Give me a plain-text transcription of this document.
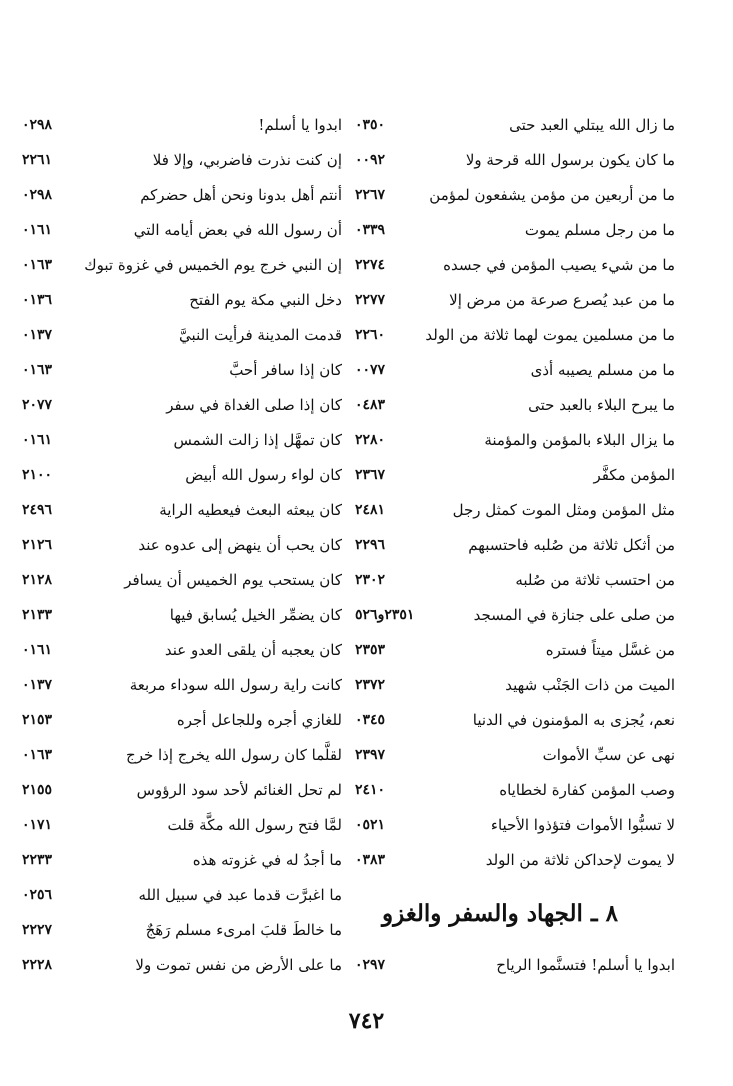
ما زال الله يبتلي العبد حتى
٠٣٥٠
ما كان يكون برسول الله قرحة ولا
٠٠٩٢
ما من أربعين من مؤمن يشفعون لمؤمن
٢٢٦٧
ما من رجل مسلم يموت
٠٣٣٩
ما من شيء يصيب المؤمن في جسده
٢٢٧٤
ما من عبد يُصرع صرعة من مرض إلا
٢٢٧٧
ما من مسلمين يموت لهما ثلاثة من الولد
٢٢٦٠
ما من مسلم يصيبه أذى
٠٠٧٧
ما يبرح البلاء بالعبد حتى
٠٤٨٣
ما يزال البلاء بالمؤمن والمؤمنة
٢٢٨٠
المؤمن مكفَّر
٢٣٦٧
مثل المؤمن ومثل الموت كمثل رجل
٢٤٨١
من أثكل ثلاثة من صُلبه فاحتسبهم
٢٢٩٦
من احتسب ثلاثة من صُلبه
٢٣٠٢
من صلى على جنازة في المسجد
٢٣٥١و٥٢٦
من غسَّل ميتاً فستره
٢٣٥٣
الميت من ذات الجَنْب شهيد
٢٣٧٢
نعم، يُجزى به المؤمنون في الدنيا
٠٣٤٥
نهى عن سبِّ الأموات
٢٣٩٧
وصب المؤمن كفارة لخطاياه
٢٤١٠
لا تسبُّوا الأموات فتؤذوا الأحياء
٠٥٢١
لا يموت لإحداكن ثلاثة من الولد
٠٣٨٣
٨ ـ الجهاد والسفر والغزو
ابدوا يا أسلم! فتسنَّموا الرياح
٠٢٩٧
ابدوا يا أسلم!
٠٢٩٨
إن كنت نذرت فاضربي، وإلا فلا
٢٢٦١
أنتم أهل بدونا ونحن أهل حضركم
٠٢٩٨
أن رسول الله في بعض أيامه التي
٠١٦١
إن النبي خرج يوم الخميس في غزوة تبوك
٠١٦٣
دخل النبي مكة يوم الفتح
٠١٣٦
قدمت المدينة فرأيت النبيَّ
٠١٣٧
كان إذا سافر أحبَّ
٠١٦٣
كان إذا صلى الغداة في سفر
٢٠٧٧
كان تمهَّل إذا زالت الشمس
٠١٦١
كان لواء رسول الله أبيض
٢١٠٠
كان يبعثه البعث فيعطيه الراية
٢٤٩٦
كان يحب أن ينهض إلى عدوه عند
٢١٢٦
كان يستحب يوم الخميس أن يسافر
٢١٢٨
كان يضمِّر الخيل يُسابق فيها
٢١٣٣
كان يعجبه أن يلقى العدو عند
٠١٦١
كانت راية رسول الله سوداء مربعة
٠١٣٧
للغازي أجره وللجاعل أجره
٢١٥٣
لقلَّما كان رسول الله يخرج إذا خرج
٠١٦٣
لم تحل الغنائم لأحد سود الرؤوس
٢١٥٥
لمَّا فتح رسول الله مكَّة قلت
٠١٧١
ما أجدُ له في غزوته هذه
٢٢٣٣
ما اغبرَّت قدما عبد في سبيل الله
٠٢٥٦
ما خالطَ قلبَ امرىء مسلم رَهَجٌ
٢٢٢٧
ما على الأرض من نفس تموت ولا
٢٢٢٨
٧٤٢
